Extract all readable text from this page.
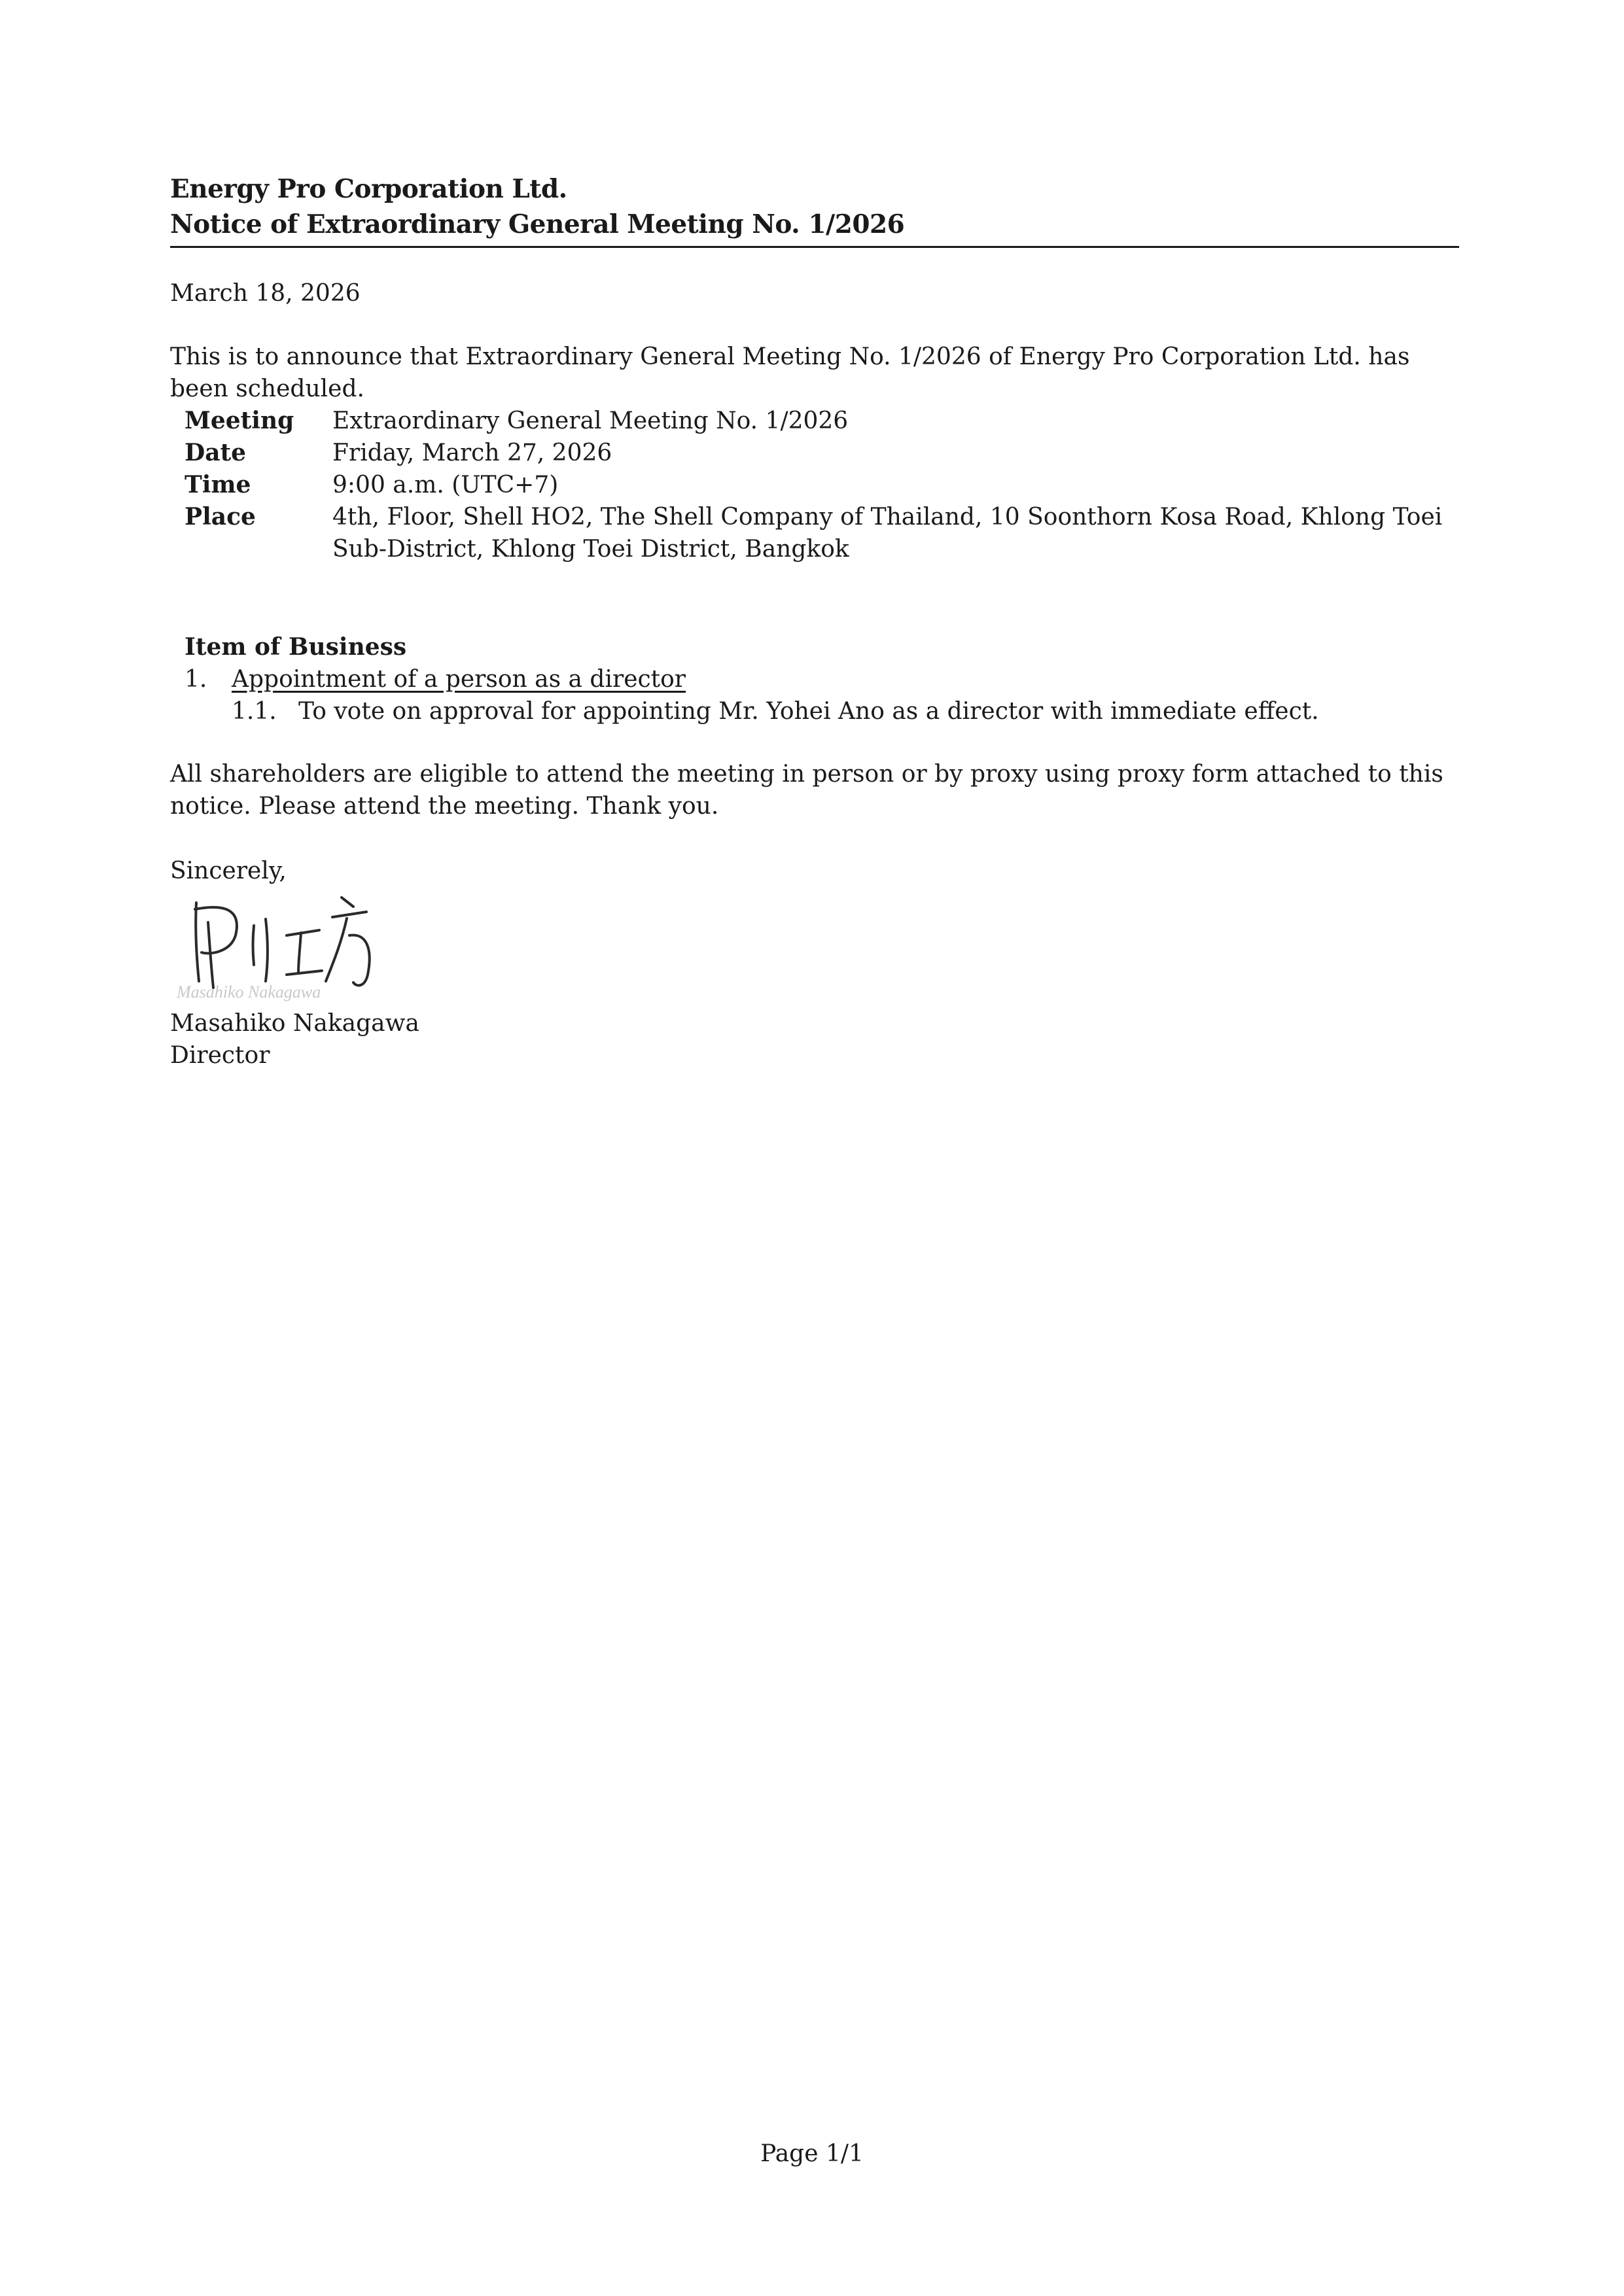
Energy Pro Corporation Ltd.
Notice of Extraordinary General Meeting No. 1/2026
March 18, 2026
This is to announce that Extraordinary General Meeting No. 1/2026 of Energy Pro Corporation Ltd. has been scheduled.
Meeting	Extraordinary General Meeting No. 1/2026
Date	Friday, March 27, 2026
Time	9:00 a.m. (UTC+7)
Place	4th, Floor, Shell HO2, The Shell Company of Thailand, 10 Soonthorn Kosa Road, Khlong Toei Sub-District, Khlong Toei District, Bangkok
Item of Business
1.	Appointment of a person as a director
1.1. To vote on approval for appointing Mr. Yohei Ano as a director with immediate effect.
All shareholders are eligible to attend the meeting in person or by proxy using proxy form attached to this notice. Please attend the meeting. Thank you.
Sincerely,
Masahiko Nakagawa
Masahiko Nakagawa
Director
Page 1/1
